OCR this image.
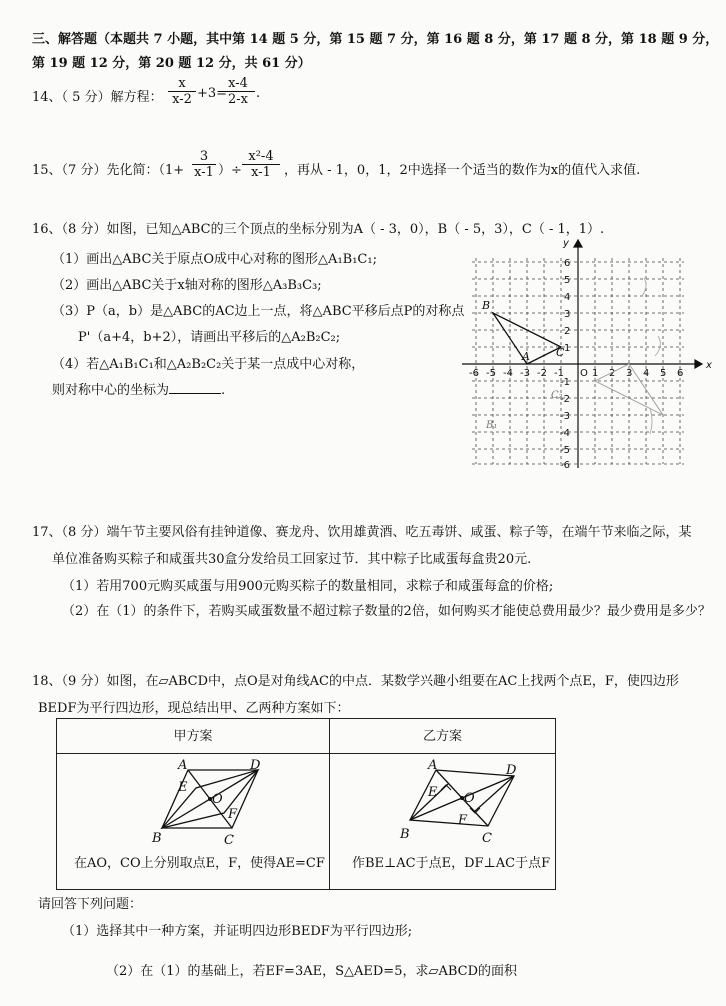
三、解答题（本题共 7 小题，其中第 14 题 5 分，第 15 题 7 分，第 16 题 8 分，第 17 题 8 分，第 18 题 9 分，
第 19 题 12 分，第 20 题 12 分，共 61 分）
14、（ 5 分）解方程： $\frac{x}{x-2} +3=$
$\frac{x-4}{2-x}$ .
15、（7 分）先化简：（$1+ \frac{3}{x-1}$ ）÷ $\frac{\text{x²-4}}{x-1}$ ，再从 - 1，0，1，2中选择一个适当的数作为x的值代入求值.
16、（8 分）如图，已知△ABC的三个顶点的坐标分别为A（ - 3，0），B（ - 5，3），C（ - 1，1）.
（1）画出△ABC关于原点O成中心对称的图形△A₁B₁C₁;
（2）画出△ABC关于x轴对称的图形△A₃B₃C₃;
（3）P（a，b）是△ABC的AC边上一点，将△ABC平移后点P的对称点
P'（a+4，b+2），请画出平移后的△A₂B₂C₂;
（4）若△A₁B₁C₁和△A₂B₂C₂关于某一点成中心对称，
则对称中心的坐标为	.
x
y
O
-6 -5 -4 -3 -2 -1	1 2 3 4 5 6
6
5
4
3
2
1
-1
-2
-3
-4
-5
-6
B
A C
C₂
B₁
17、（8 分）端午节主要风俗有挂钟道像、赛龙舟、饮用雄黄酒、吃五毒饼、咸蛋、粽子等，在端午节来临之际，某
单位准备购买粽子和咸蛋共30盒分发给员工回家过节．其中粽子比咸蛋每盒贵20元.
（1）若用700元购买咸蛋与用900元购买粽子的数量相同，求粽子和咸蛋每盒的价格;
（2）在（1）的条件下，若购买咸蛋数量不超过粽子数量的2倍，如何购买才能使总费用最少？最少费用是多少？
18、（9 分）如图，在▱ABCD中，点O是对角线AC的中点．某数学兴趣小组要在AC上找两个点E，F，使四边形
BEDF为平行四边形，现总结出甲、乙两种方案如下：
甲方案	乙方案

A	D
B	C
E
F
O
在AO，CO上分别取点E，F，使得AE=CF
A	D
B	C
E
F
O
作BE⊥AC于点E，DF⊥AC于点F
请回答下列问题：
（1）选择其中一种方案，并证明四边形BEDF为平行四边形;
（2）在（1）的基础上，若EF=3AE，S△AED=5，求▱ABCD的面积
